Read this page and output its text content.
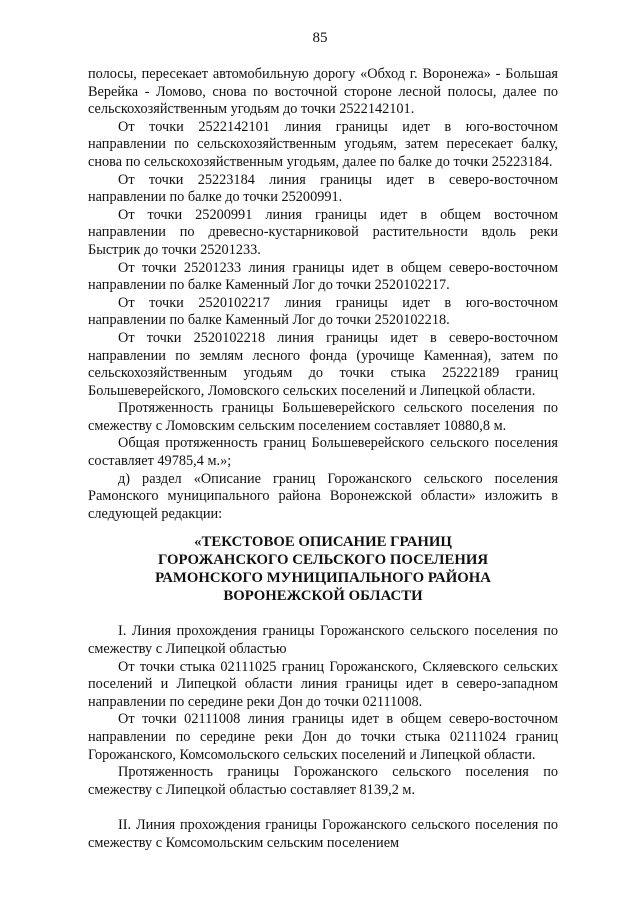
85

полосы, пересекает автомобильную дорогу «Обход г. Воронежа» - Большая Верейка - Ломово, снова по восточной стороне лесной полосы, далее по сельскохозяйственным угодьям до точки 2522142101.

От точки 2522142101 линия границы идет в юго-восточном направлении по сельскохозяйственным угодьям, затем пересекает балку, снова по сельскохозяйственным угодьям, далее по балке до точки 25223184.

От точки 25223184 линия границы идет в северо-восточном направлении по балке до точки 25200991.

От точки 25200991 линия границы идет в общем восточном направлении по древесно-кустарниковой растительности вдоль реки Быстрик до точки 25201233.

От точки 25201233 линия границы идет в общем северо-восточном направлении по балке Каменный Лог до точки 2520102217.

От точки 2520102217 линия границы идет в юго-восточном направлении по балке Каменный Лог до точки 2520102218.

От точки 2520102218 линия границы идет в северо-восточном направлении по землям лесного фонда (урочище Каменная), затем по сельскохозяйственным угодьям до точки стыка 25222189 границ Большеверейского, Ломовского сельских поселений и Липецкой области.

Протяженность границы Большеверейского сельского поселения по смежеству с Ломовским сельским поселением составляет 10880,8 м.

Общая протяженность границ Большеверейского сельского поселения составляет 49785,4 м.»;

д) раздел «Описание границ Горожанского сельского поселения Рамонского муниципального района Воронежской области» изложить в следующей редакции:

«ТЕКСТОВОЕ ОПИСАНИЕ ГРАНИЦ
ГОРОЖАНСКОГО СЕЛЬСКОГО ПОСЕЛЕНИЯ
РАМОНСКОГО МУНИЦИПАЛЬНОГО РАЙОНА
ВОРОНЕЖСКОЙ ОБЛАСТИ

I. Линия прохождения границы Горожанского сельского поселения по смежеству с Липецкой областью

От точки стыка 02111025 границ Горожанского, Скляевского сельских поселений и Липецкой области линия границы идет в северо-западном направлении по середине реки Дон до точки 02111008.

От точки 02111008 линия границы идет в общем северо-восточном направлении по середине реки Дон до точки стыка 02111024 границ Горожанского, Комсомольского сельских поселений и Липецкой области.

Протяженность границы Горожанского сельского поселения по смежеству с Липецкой областью составляет 8139,2 м.

II. Линия прохождения границы Горожанского сельского поселения по смежеству с Комсомольским сельским поселением
